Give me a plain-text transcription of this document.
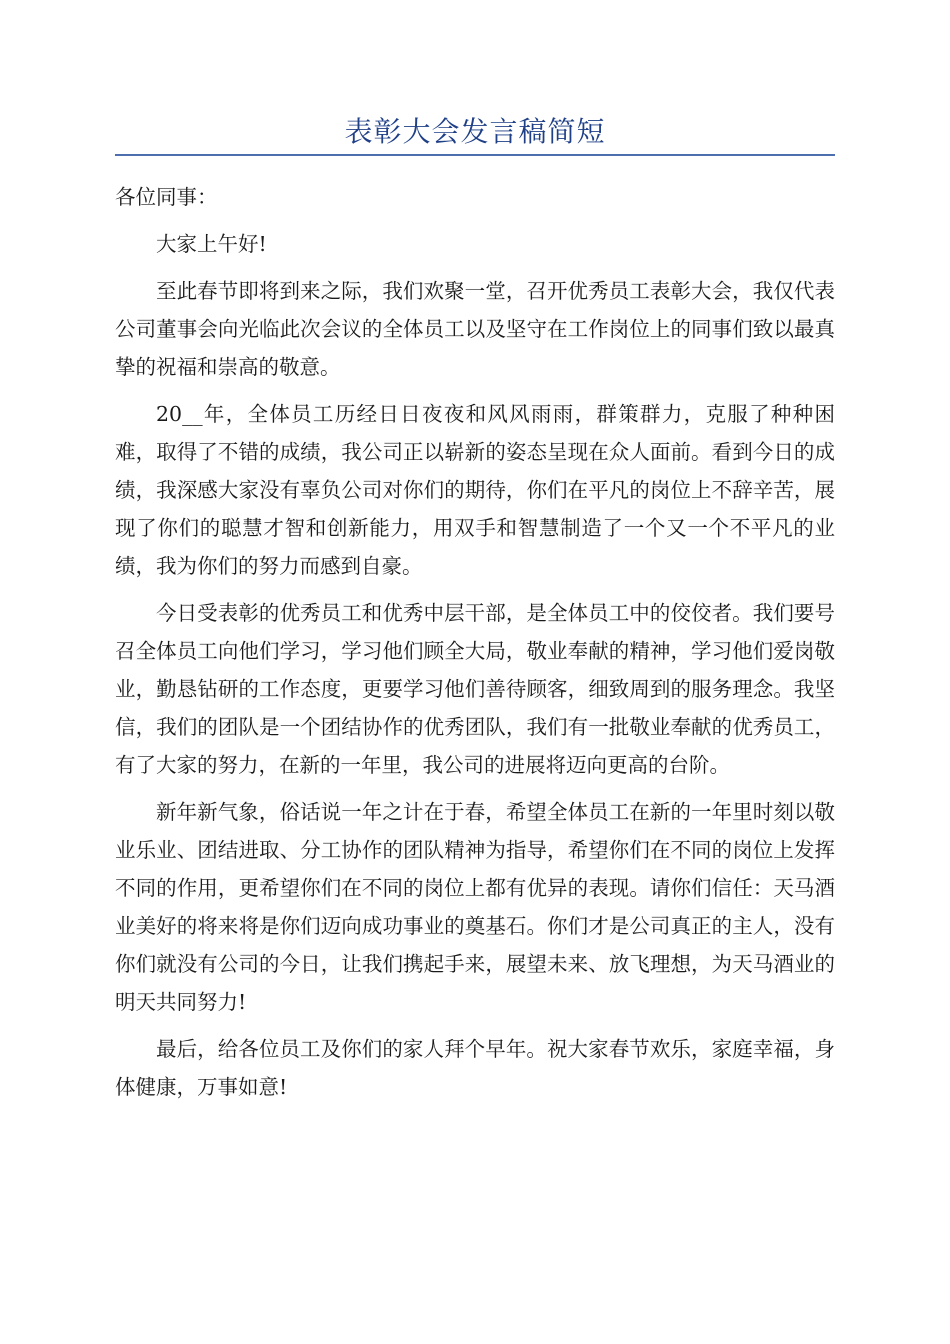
表彰大会发言稿简短

各位同事：

大家上午好!

至此春节即将到来之际，我们欢聚一堂，召开优秀员工表彰大会，我仅代表公司董事会向光临此次会议的全体员工以及坚守在工作岗位上的同事们致以最真挚的祝福和崇高的敬意。

20__年，全体员工历经日日夜夜和风风雨雨，群策群力，克服了种种困难，取得了不错的成绩，我公司正以崭新的姿态呈现在众人面前。看到今日的成绩，我深感大家没有辜负公司对你们的期待，你们在平凡的岗位上不辞辛苦，展现了你们的聪慧才智和创新能力，用双手和智慧制造了一个又一个不平凡的业绩，我为你们的努力而感到自豪。

今日受表彰的优秀员工和优秀中层干部，是全体员工中的佼佼者。我们要号召全体员工向他们学习，学习他们顾全大局，敬业奉献的精神，学习他们爱岗敬业，勤恳钻研的工作态度，更要学习他们善待顾客，细致周到的服务理念。我坚信，我们的团队是一个团结协作的优秀团队，我们有一批敬业奉献的优秀员工，有了大家的努力，在新的一年里，我公司的进展将迈向更高的台阶。

新年新气象，俗话说一年之计在于春，希望全体员工在新的一年里时刻以敬业乐业、团结进取、分工协作的团队精神为指导，希望你们在不同的岗位上发挥不同的作用，更希望你们在不同的岗位上都有优异的表现。请你们信任：天马酒业美好的将来将是你们迈向成功事业的奠基石。你们才是公司真正的主人，没有你们就没有公司的今日，让我们携起手来，展望未来、放飞理想，为天马酒业的明天共同努力!

最后，给各位员工及你们的家人拜个早年。祝大家春节欢乐，家庭幸福，身体健康，万事如意!
